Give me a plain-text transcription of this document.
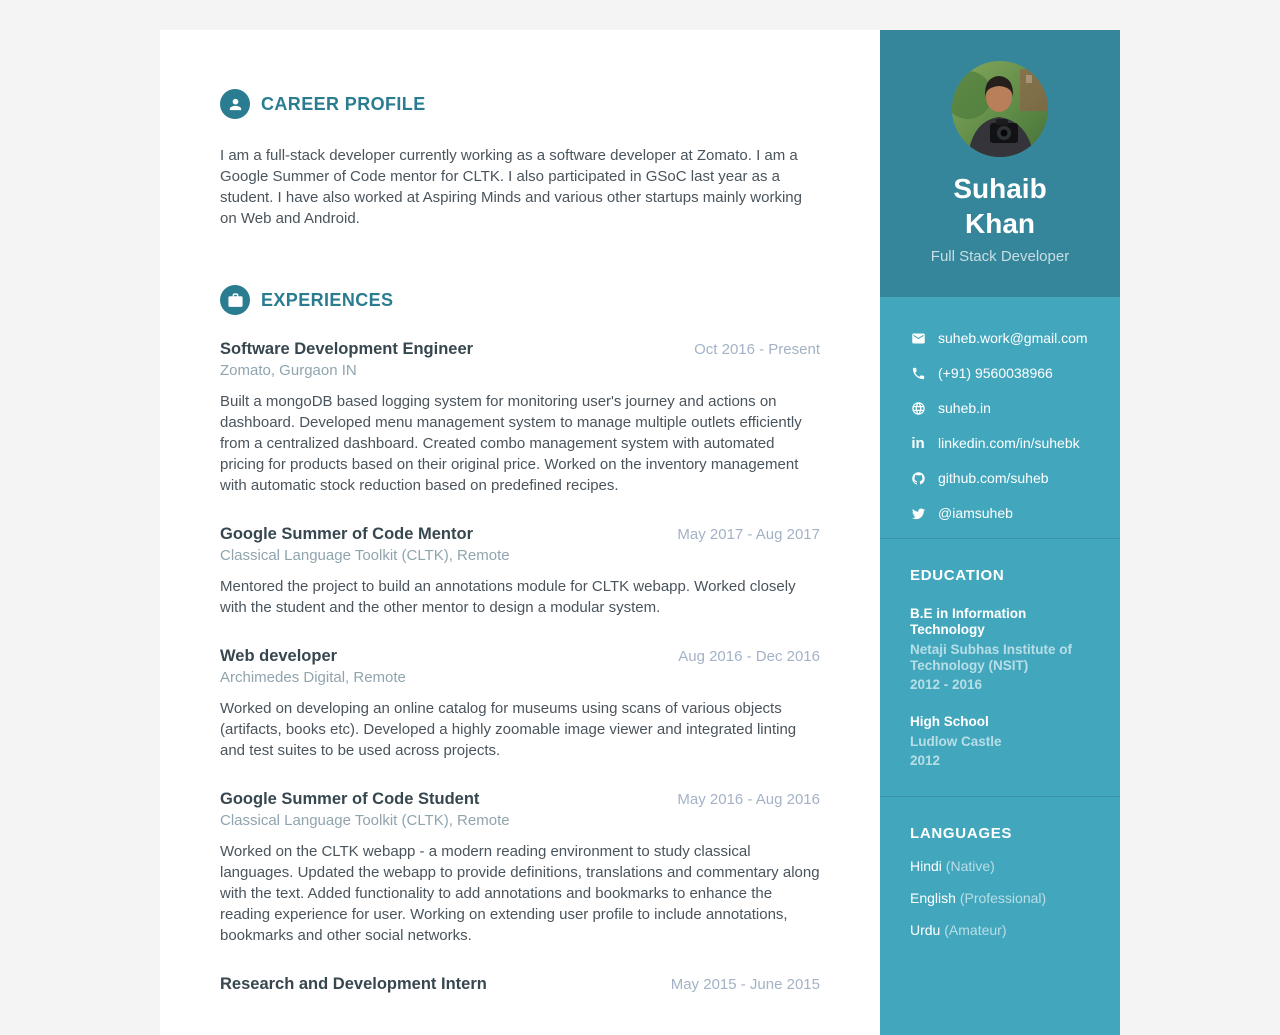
CAREER PROFILE

I am a full-stack developer currently working as a software developer at Zomato. I am a Google Summer of Code mentor for CLTK. I also participated in GSoC last year as a student. I have also worked at Aspiring Minds and various other startups mainly working on Web and Android.

EXPERIENCES
Software Development Engineer	Oct 2016 - Present
Zomato, Gurgaon IN

Built a mongoDB based logging system for monitoring user's journey and actions on dashboard. Developed menu management system to manage multiple outlets efficiently from a centralized dashboard. Created combo management system with automated pricing for products based on their original price. Worked on the inventory management with automatic stock reduction based on predefined recipes.

Google Summer of Code Mentor	May 2017 - Aug 2017
Classical Language Toolkit (CLTK), Remote

Mentored the project to build an annotations module for CLTK webapp. Worked closely with the student and the other mentor to design a modular system.

Web developer	Aug 2016 - Dec 2016
Archimedes Digital, Remote

Worked on developing an online catalog for museums using scans of various objects (artifacts, books etc). Developed a highly zoomable image viewer and integrated linting and test suites to be used across projects.

Google Summer of Code Student	May 2016 - Aug 2016
Classical Language Toolkit (CLTK), Remote

Worked on the CLTK webapp - a modern reading environment to study classical languages. Updated the webapp to provide definitions, translations and commentary along with the text. Added functionality to add annotations and bookmarks to enhance the reading experience for user. Working on extending user profile to include annotations, bookmarks and other social networks.

Research and Development Intern	May 2015 - June 2015
Suhaib
Khan
Full Stack Developer
suheb.work@gmail.com
(+91) 9560038966
suheb.in
in linkedin.com/in/suhebk
github.com/suheb
@iamsuheb
EDUCATION
B.E in Information Technology
Netaji Subhas Institute of Technology (NSIT)
2012 - 2016
High School
Ludlow Castle
2012
LANGUAGES
Hindi (Native)
English (Professional)
Urdu (Amateur)
